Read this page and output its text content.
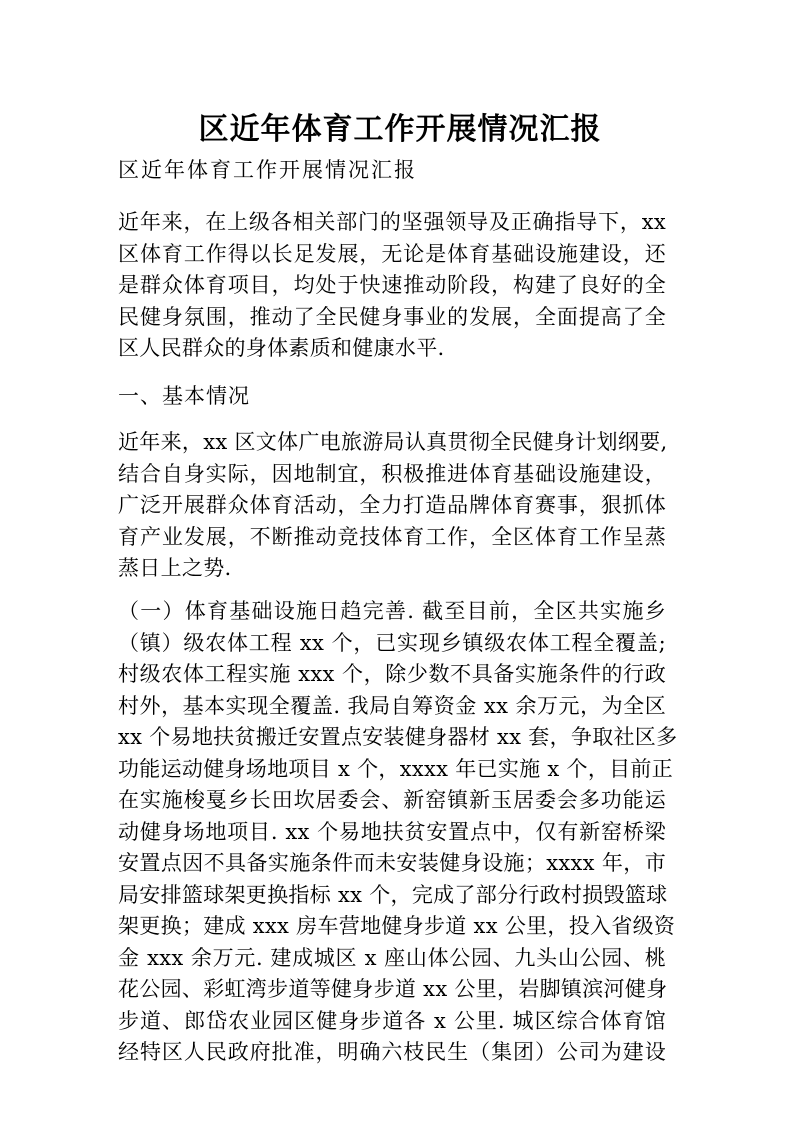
区近年体育工作开展情况汇报

区近年体育工作开展情况汇报

近年来，在上级各相关部门的坚强领导及正确指导下，xx
区体育工作得以长足发展，无论是体育基础设施建设，还
是群众体育项目，均处于快速推动阶段，构建了良好的全
民健身氛围，推动了全民健身事业的发展，全面提高了全
区人民群众的身体素质和健康水平.

一、基本情况

近年来，xx 区文体广电旅游局认真贯彻全民健身计划纲要,
结合自身实际，因地制宜，积极推进体育基础设施建设，
广泛开展群众体育活动，全力打造品牌体育赛事，狠抓体
育产业发展，不断推动竞技体育工作，全区体育工作呈蒸
蒸日上之势.
（一）体育基础设施日趋完善. 截至目前，全区共实施乡
（镇）级农体工程 xx 个，已实现乡镇级农体工程全覆盖;
村级农体工程实施 xxx 个，除少数不具备实施条件的行政
村外，基本实现全覆盖. 我局自筹资金 xx 余万元，为全区
xx 个易地扶贫搬迁安置点安装健身器材 xx 套，争取社区多
功能运动健身场地项目 x 个，xxxx 年已实施 x 个，目前正
在实施梭戛乡长田坎居委会、新窑镇新玉居委会多功能运
动健身场地项目. xx 个易地扶贫安置点中，仅有新窑桥梁
安置点因不具备实施条件而未安装健身设施；xxxx 年，市
局安排篮球架更换指标 xx 个，完成了部分行政村损毁篮球
架更换；建成 xxx 房车营地健身步道 xx 公里，投入省级资
金 xxx 余万元. 建成城区 x 座山体公园、九头山公园、桃
花公园、彩虹湾步道等健身步道 xx 公里，岩脚镇滨河健身
步道、郎岱农业园区健身步道各 x 公里. 城区综合体育馆
经特区人民政府批准，明确六枝民生（集团）公司为建设
